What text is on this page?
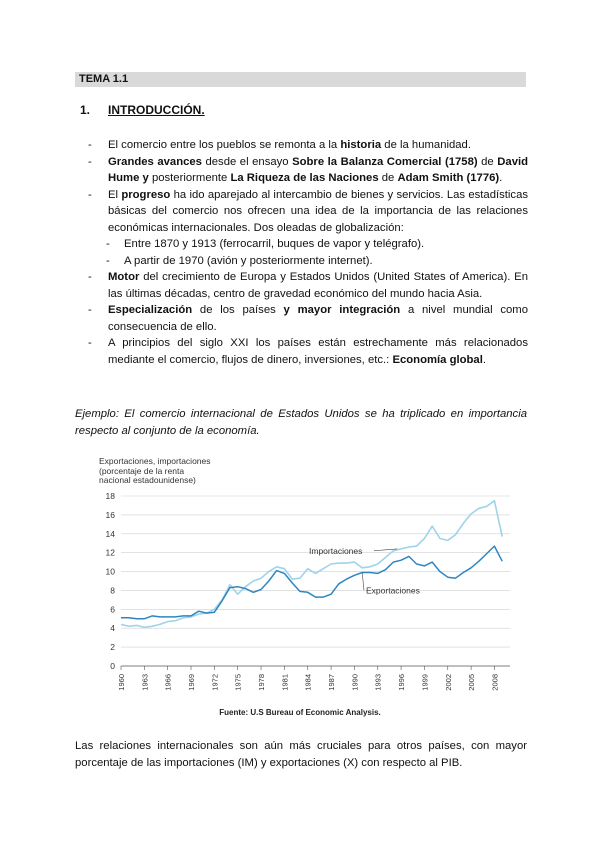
TEMA 1.1
1. INTRODUCCIÓN.

- El comercio entre los pueblos se remonta a la historia de la humanidad.

- Grandes avances desde el ensayo Sobre la Balanza Comercial (1758) de David Hume y posteriormente La Riqueza de las Naciones de Adam Smith (1776).

- El progreso ha ido aparejado al intercambio de bienes y servicios. Las estadísticas básicas del comercio nos ofrecen una idea de la importancia de las relaciones económicas internacionales. Dos oleadas de globalización:

- Entre 1870 y 1913 (ferrocarril, buques de vapor y telégrafo).

- A partir de 1970 (avión y posteriormente internet).

- Motor del crecimiento de Europa y Estados Unidos (United States of America). En las últimas décadas, centro de gravedad económico del mundo hacia Asia.

- Especialización de los países y mayor integración a nivel mundial como consecuencia de ello.

- A principios del siglo XXI los países están estrechamente más relacionados mediante el comercio, flujos de dinero, inversiones, etc.: Economía global.

Ejemplo: El comercio internacional de Estados Unidos se ha triplicado en importancia respecto al conjunto de la economía.
0
2
4
6
8
10
12
14
16
18
1960 1963 1966 1969 1972 1975 1978 1981 1984 1987 1990 1993 1996 1999 2002 2005 2008
Importaciones
Exportaciones
Exportaciones, importaciones
(porcentaje de la renta
nacional estadounidense)
Fuente: U.S Bureau of Economic Analysis.
Las relaciones internacionales son aún más cruciales para otros países, con mayor porcentaje de las importaciones (IM) y exportaciones (X) con respecto al PIB.
